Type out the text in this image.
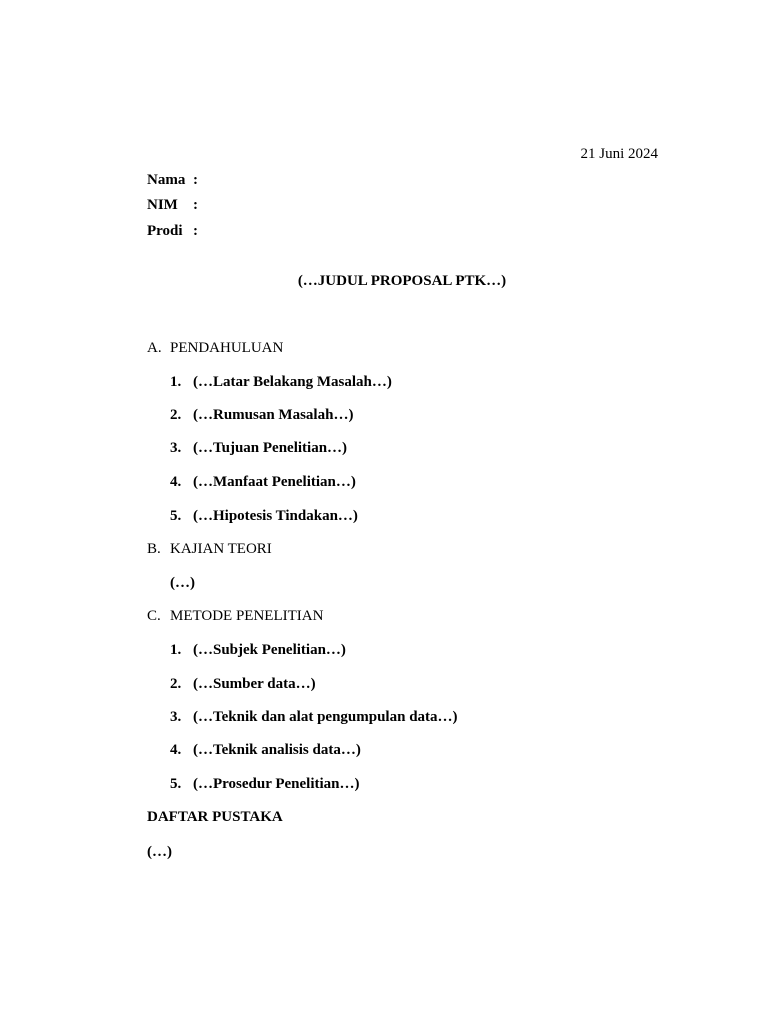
21 Juni 2024
Nama :
NIM	:
Prodi :
(…JUDUL PROPOSAL PTK…)
A. PENDAHULUAN
1. (…Latar Belakang Masalah…)
2. (…Rumusan Masalah…)
3. (…Tujuan Penelitian…)
4. (…Manfaat Penelitian…)
5. (…Hipotesis Tindakan…)
B. KAJIAN TEORI
(…)
C. METODE PENELITIAN
1. (…Subjek Penelitian…)
2. (…Sumber data…)
3. (…Teknik dan alat pengumpulan data…)
4. (…Teknik analisis data…)
5. (…Prosedur Penelitian…)
DAFTAR PUSTAKA
(…)
